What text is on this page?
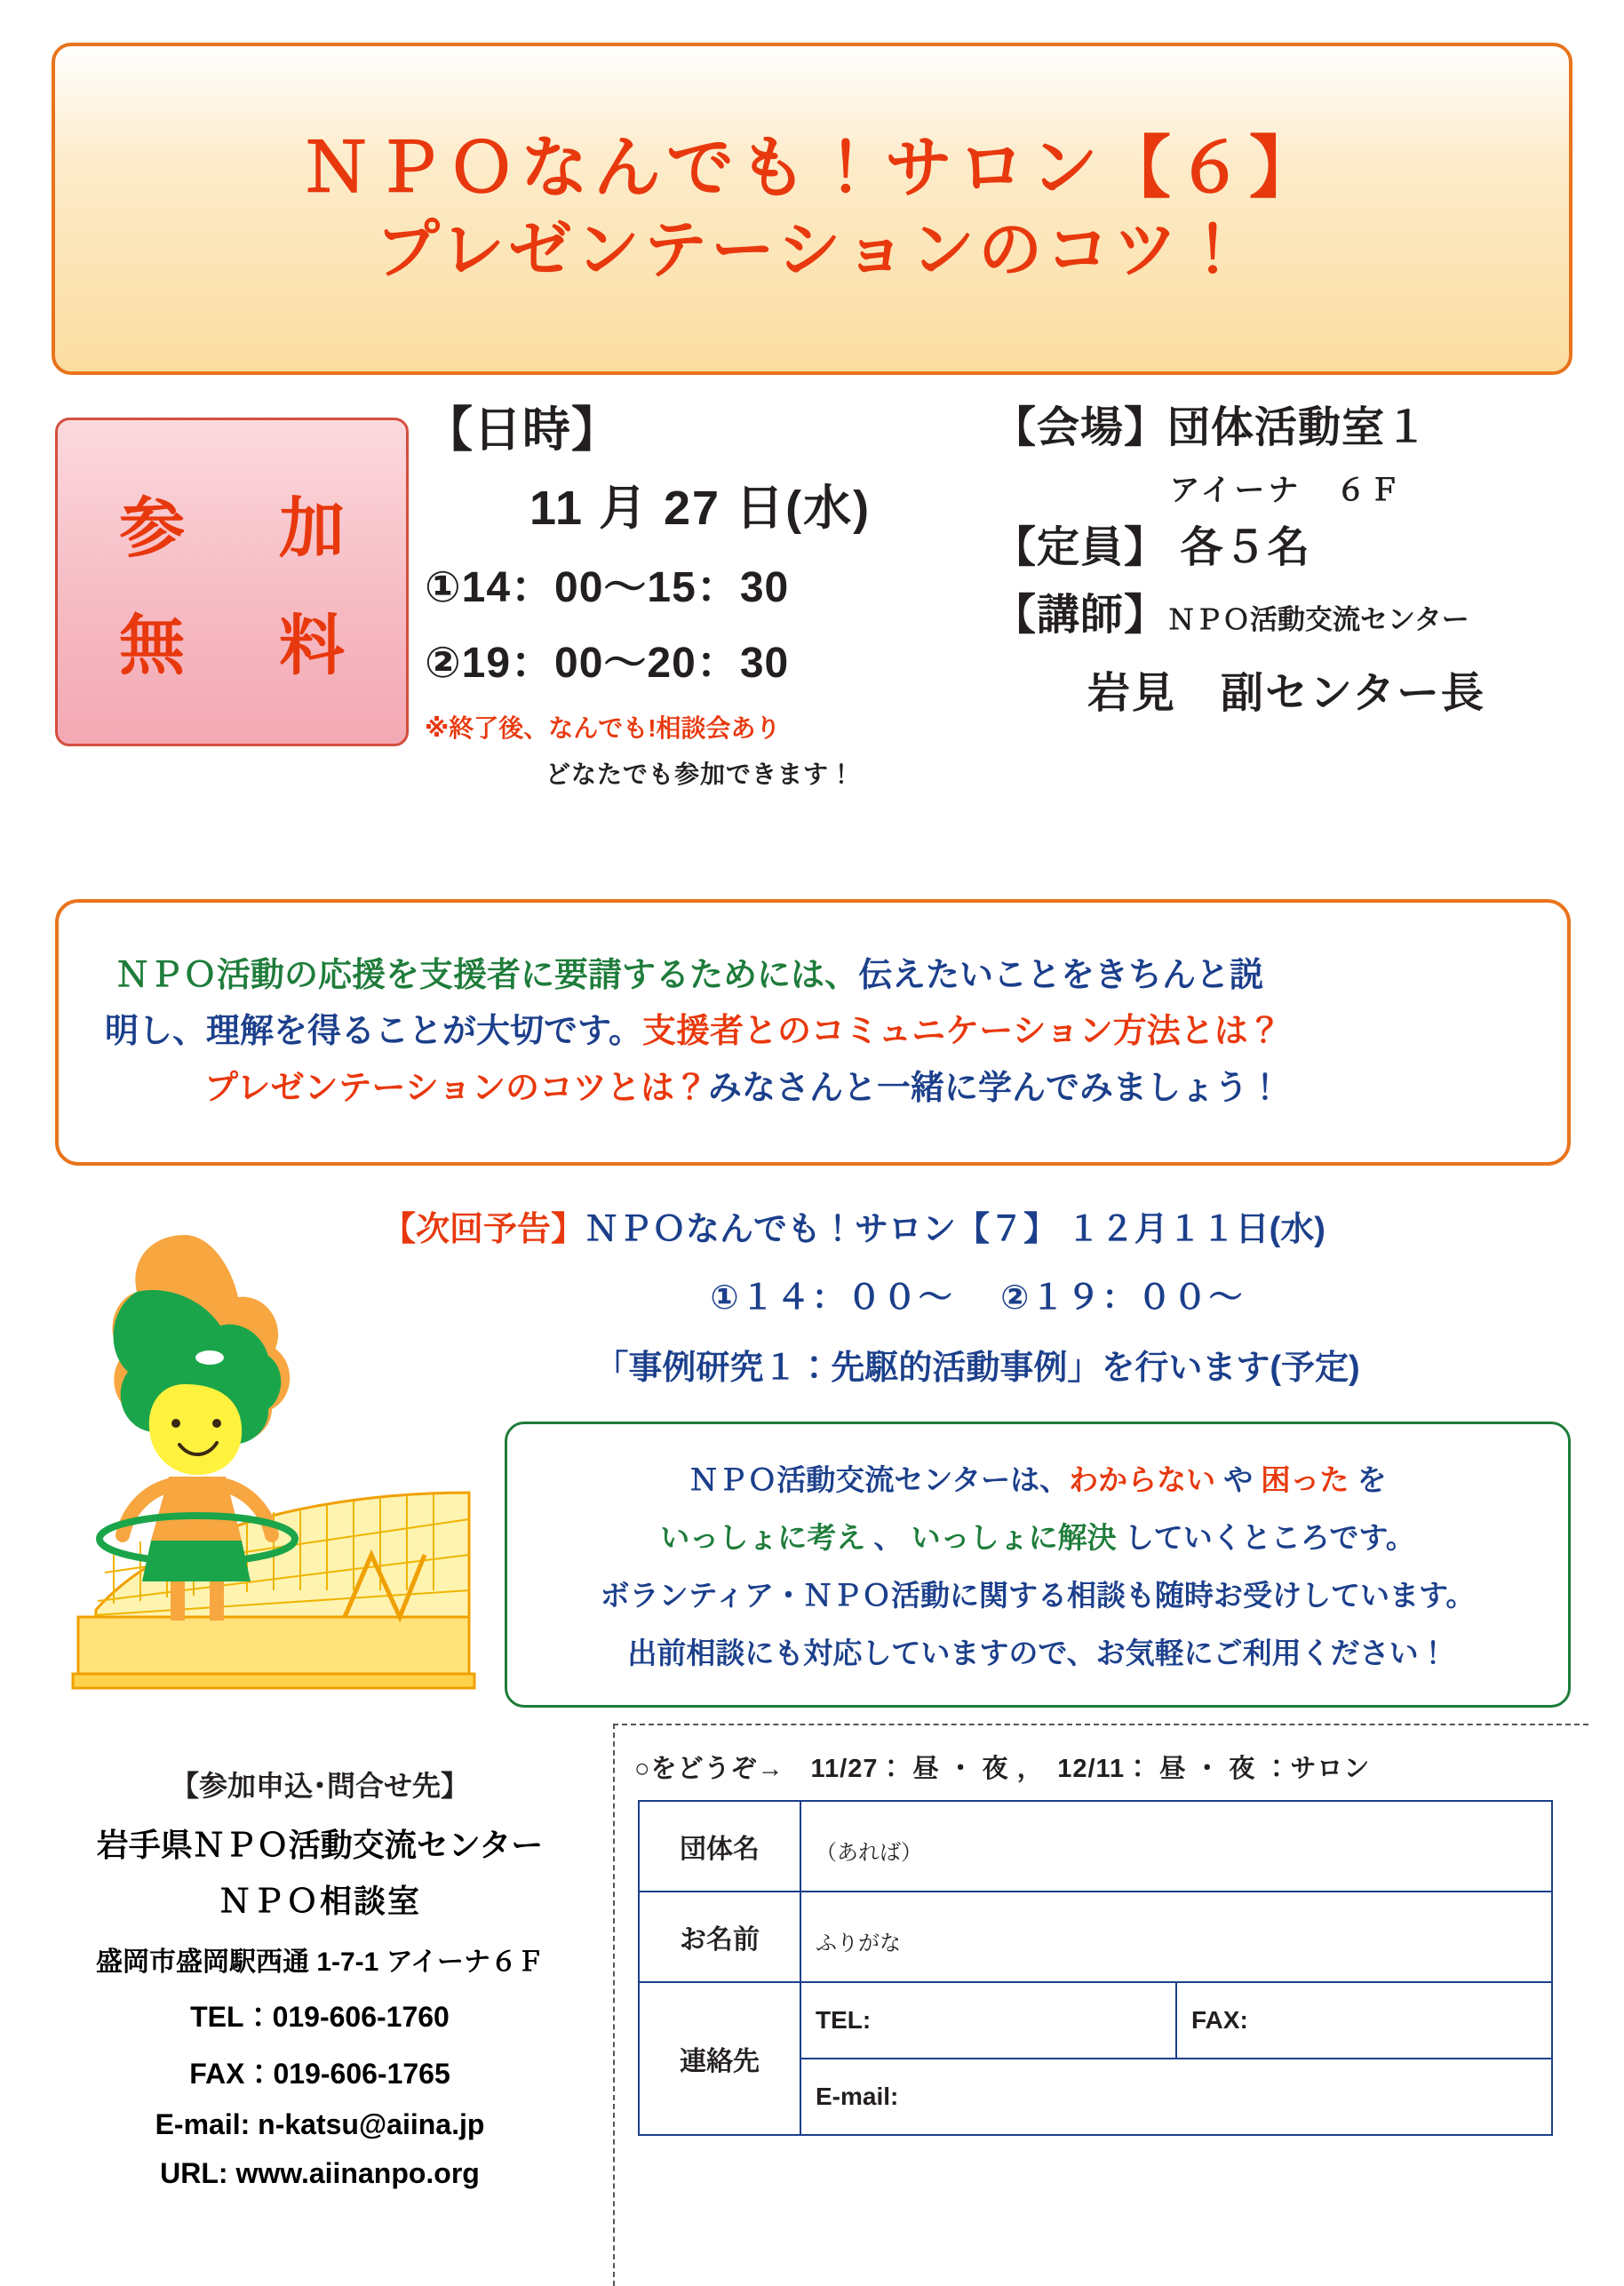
ＮＰＯなんでも！サロン【６】
プレゼンテーションのコツ！
参　加
無　料
【日時】
11 月 27 日(水)
①14：00〜15：30
②19：00〜20：30
※終了後、なんでも!相談会あり
どなたでも参加できます！
【会場】団体活動室１
アイーナ　６Ｆ
【定員】 各５名
【講師】ＮＰＯ活動交流センター
岩見　副センター長
ＮＰＯ活動の応援を支援者に要請するためには、伝えたいことをきちんと説
明し、理解を得ることが大切です。支援者とのコミュニケーション方法とは？
プレゼンテーションのコツとは？みなさんと一緒に学んでみましょう！
【次回予告】ＮＰＯなんでも！サロン【７】 １２月１１日(水)
①１４：００〜　 ②１９：００〜
「事例研究１：先駆的活動事例」を行います(予定)
ＮＰＯ活動交流センターは、わからない や 困った を
いっしょに考え 、 いっしょに解決 していくところです。
ボランティア・ＮＰＯ活動に関する相談も随時お受けしています。
出前相談にも対応していますので、お気軽にご利用ください！
【参加申込･問合せ先】
岩手県ＮＰＯ活動交流センター
ＮＰＯ相談室
盛岡市盛岡駅西通 1-7-1 アイーナ６Ｆ
TEL：019-606-1760
FAX：019-606-1765
E-mail: n-katsu@aiina.jp
URL: www.aiinanpo.org
○をどうぞ→　11/27： 昼 ・ 夜 ，　12/11： 昼 ・ 夜 ：サロン
団体名	（あれば）	
お名前	ふりがな	
連絡先	TEL:	FAX:
	E-mail:	
